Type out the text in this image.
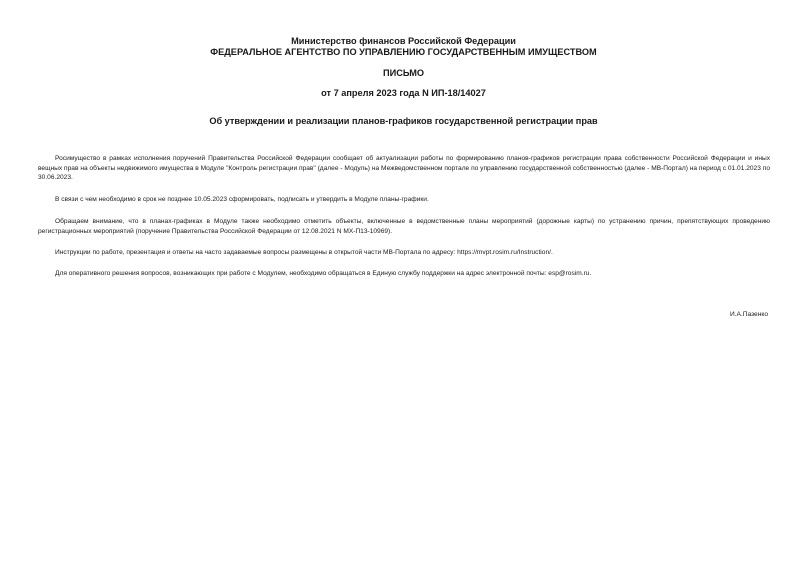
Министерство финансов Российской Федерации
ФЕДЕРАЛЬНОЕ АГЕНТСТВО ПО УПРАВЛЕНИЮ ГОСУДАРСТВЕННЫМ ИМУЩЕСТВОМ
ПИСЬМО
от 7 апреля 2023 года N ИП-18/14027
Об утверждении и реализации планов-графиков государственной регистрации прав

Росимущество в рамках исполнения поручений Правительства Российской Федерации сообщает об актуализации работы по формированию планов-графиков регистрации права собственности Российской Федерации и иных вещных прав на объекты недвижимого имущества в Модуле "Контроль регистрации прав" (далее - Модуль) на Межведомственном портале по управлению государственной собственностью (далее - МВ-Портал) на период с 01.01.2023 по 30.06.2023.

В связи с чем необходимо в срок не позднее 10.05.2023 сформировать, подписать и утвердить в Модуле планы-графики.

Обращаем внимание, что в планах-графиках в Модуле также необходимо отметить объекты, включенные в ведомственные планы мероприятий (дорожные карты) по устранению причин, препятствующих проведению регистрационных мероприятий (поручение Правительства Российской Федерации от 12.08.2021 N МХ-П13-10969).

Инструкции по работе, презентация и ответы на часто задаваемые вопросы размещены в открытой части МВ-Портала по адресу: https://mvpt.rosim.ru/Instruction/.

Для оперативного решения вопросов, возникающих при работе с Модулем, необходимо обращаться в Единую службу поддержки на адрес электронной почты: esp@rosim.ru.

И.А.Пазенко
